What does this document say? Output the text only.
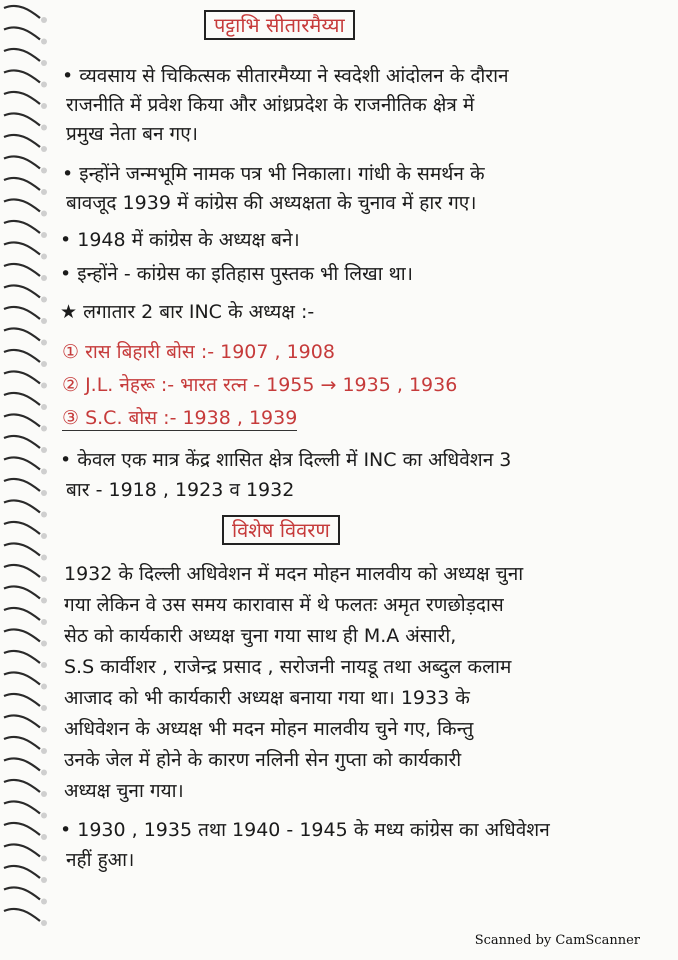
पट्टाभि सीतारमैय्या
• व्यवसाय से चिकित्सक सीतारमैय्या ने स्वदेशी आंदोलन के दौरान
राजनीति में प्रवेश किया और आंध्रप्रदेश के राजनीतिक क्षेत्र में
प्रमुख नेता बन गए।
• इन्होंने जन्मभूमि नामक पत्र भी निकाला। गांधी के समर्थन के
बावजूद 1939 में कांग्रेस की अध्यक्षता के चुनाव में हार गए।
• 1948 में कांग्रेस के अध्यक्ष बने।
• इन्होंने - कांग्रेस का इतिहास पुस्तक भी लिखा था।
★ लगातार 2 बार INC के अध्यक्ष :-
① रास बिहारी बोस :- 1907 , 1908
② J.L. नेहरू :- भारत रत्न - 1955 → 1935 , 1936
③ S.C. बोस :- 1938 , 1939
• केवल एक मात्र केंद्र शासित क्षेत्र दिल्ली में INC का अधिवेशन 3
बार - 1918 , 1923 व 1932
विशेष विवरण
1932 के दिल्ली अधिवेशन में मदन मोहन मालवीय को अध्यक्ष चुना
गया लेकिन वे उस समय कारावास में थे फलतः अमृत रणछोड़दास
सेठ को कार्यकारी अध्यक्ष चुना गया साथ ही M.A अंसारी,
S.S कार्वीशर , राजेन्द्र प्रसाद , सरोजनी नायडू तथा अब्दुल कलाम
आजाद को भी कार्यकारी अध्यक्ष बनाया गया था। 1933 के
अधिवेशन के अध्यक्ष भी मदन मोहन मालवीय चुने गए, किन्तु
उनके जेल में होने के कारण नलिनी सेन गुप्ता को कार्यकारी
अध्यक्ष चुना गया।
• 1930 , 1935 तथा 1940 - 1945 के मध्य कांग्रेस का अधिवेशन
नहीं हुआ।
Scanned by CamScanner
